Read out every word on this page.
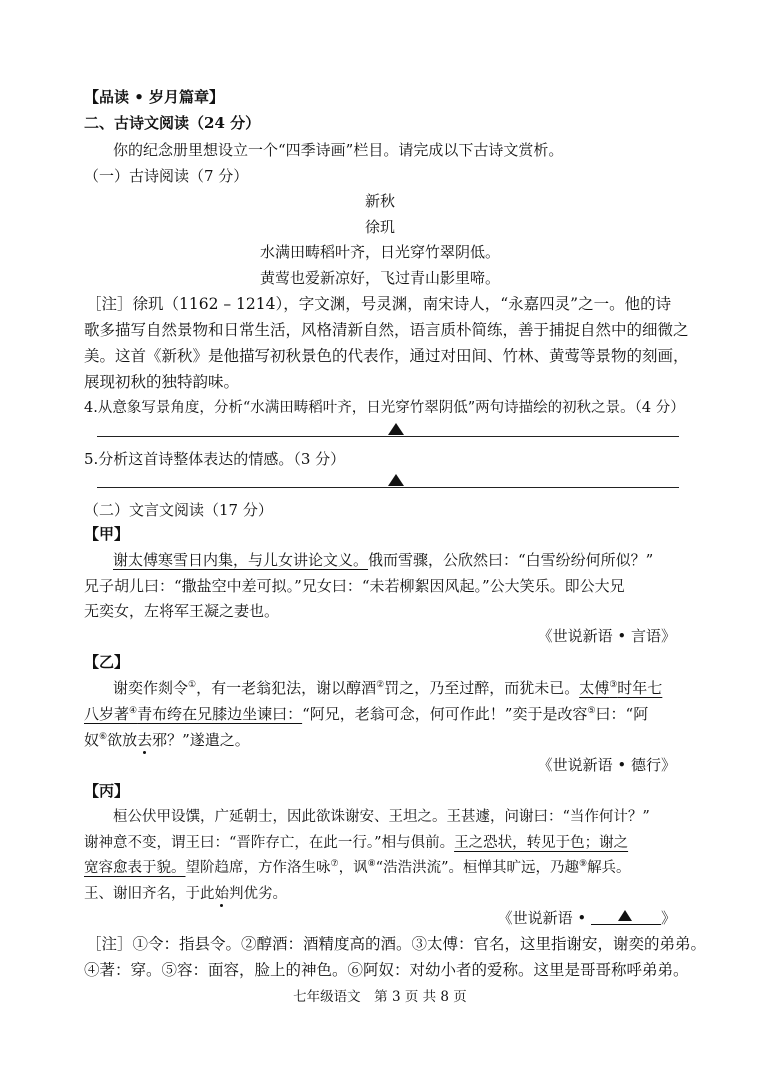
【品读 • 岁月篇章】
二、古诗文阅读（24 分）
你的纪念册里想设立一个“四季诗画”栏目。请完成以下古诗文赏析。
（一）古诗阅读（7 分）
新秋
徐玑
水满田畴稻叶齐，日光穿竹翠阴低。
黄莺也爱新凉好，飞过青山影里啼。
［注］徐玑（1162 – 1214），字文渊，号灵渊，南宋诗人，“永嘉四灵”之一。他的诗
歌多描写自然景物和日常生活，风格清新自然，语言质朴简练，善于捕捉自然中的细微之
美。这首《新秋》是他描写初秋景色的代表作，通过对田间、竹林、黄莺等景物的刻画，
展现初秋的独特韵味。
4.从意象写景角度，分析“水满田畴稻叶齐，日光穿竹翠阴低”两句诗描绘的初秋之景。（4 分）
5.分析这首诗整体表达的情感。（3 分）
（二）文言文阅读（17 分）
【甲】
谢太傅寒雪日内集，与儿女讲论文义。俄而雪骤，公欣然曰：“白雪纷纷何所似？”
兄子胡儿曰：“撒盐空中差可拟。”兄女曰：“未若柳絮因风起。”公大笑乐。即公大兄
无奕女，左将军王凝之妻也。
《世说新语 • 言语》
【乙】
谢奕作剡令①，有一老翁犯法，谢以醇酒②罚之，乃至过醉，而犹未已。太傅③时年七
八岁著④青布绔在兄膝边坐谏曰：“阿兄，老翁可念，何可作此！”奕于是改容⑤曰：“阿
奴⑥欲放去邪？”遂遣之。
《世说新语 • 德行》
【丙】
桓公伏甲设馔，广延朝士，因此欲诛谢安、王坦之。王甚遽，问谢曰：“当作何计？”
谢神意不变，谓王曰：“晋阼存亡，在此一行。”相与俱前。王之恐状，转见于色；谢之
宽容愈表于貌。望阶趋席，方作洛生咏⑦，讽⑧“浩浩洪流”。桓惮其旷远，乃趣⑨解兵。
王、谢旧齐名，于此始判优劣。
《世说新语 •	》
［注］①令：指县令。②醇酒：酒精度高的酒。③太傅：官名，这里指谢安，谢奕的弟弟。
④著：穿。⑤容：面容，脸上的神色。⑥阿奴：对幼小者的爱称。这里是哥哥称呼弟弟。
七年级语文　第 3 页 共 8 页
